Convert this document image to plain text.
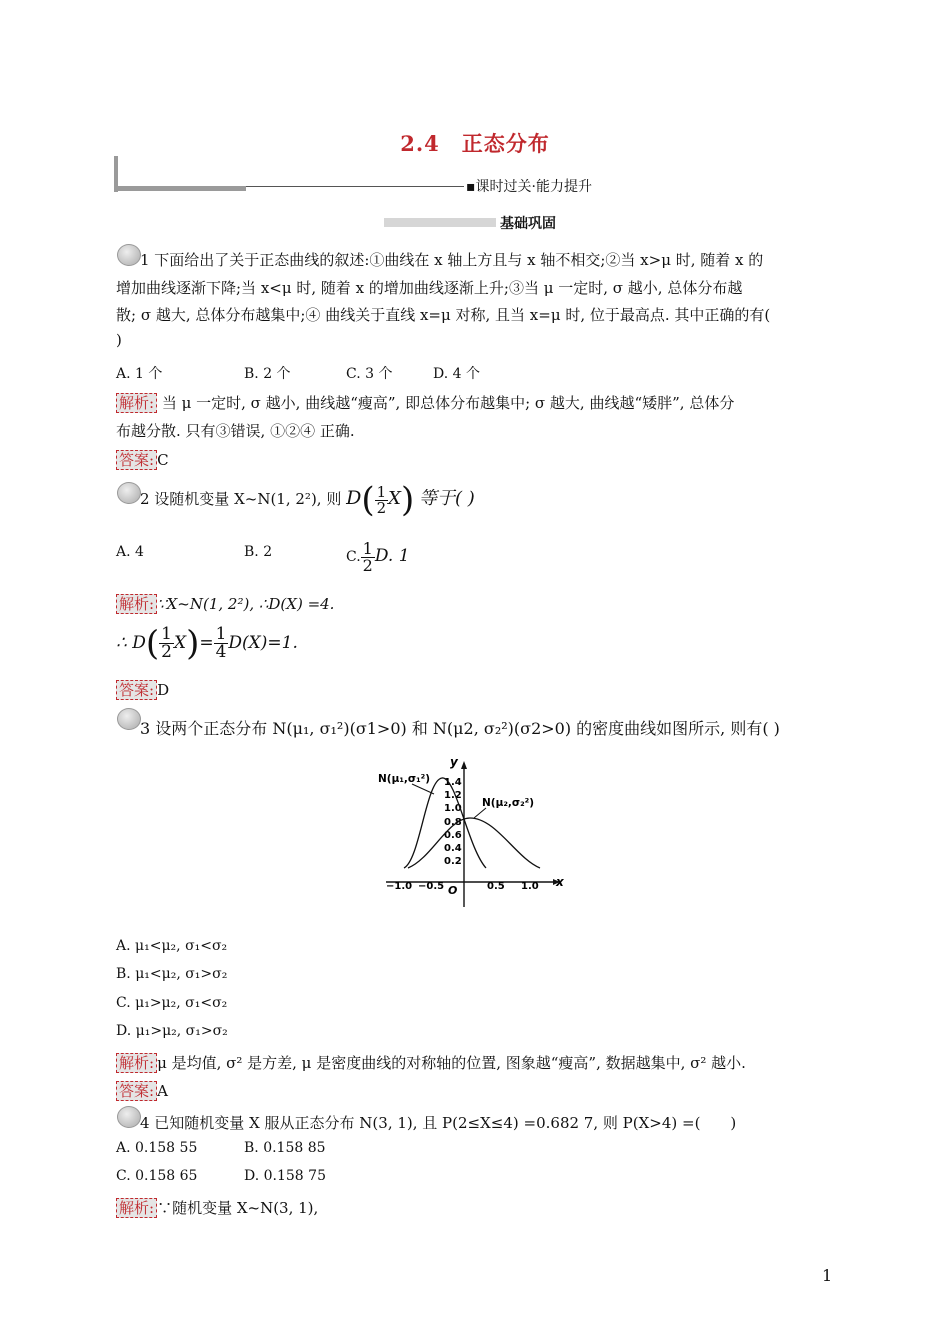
2.4　正态分布
▪课时过关·能力提升
基础巩固
1 下面给出了关于正态曲线的叙述:①曲线在 x 轴上方且与 x 轴不相交;②当 x>μ 时, 随着 x 的
增加曲线逐渐下降;当 x<μ 时, 随着 x 的增加曲线逐渐上升;③当 μ 一定时, σ 越小, 总体分布越
散; σ 越大, 总体分布越集中;④ 曲线关于直线 x=μ 对称, 且当 x=μ 时, 位于最高点. 其中正确的有(
)
A. 1 个	B. 2 个	C. 3 个	D. 4 个
解析: 当 μ 一定时, σ 越小, 曲线越“瘦高”, 即总体分布越集中; σ 越大, 曲线越“矮胖”, 总体分
布越分散. 只有③错误, ①②④ 正确.
答案: C
2 设随机变量 X~N(1, 2²), 则 $D( \frac{1}{2} X)$ 等于( )
A. 4	B. 2	C. $\frac{1}{2} D$. 1
解析: ∵X~N(1, 2²), ∴D(X) =4.
∴ $D( \frac{1}{2} X)= \frac{1}{4} D(X)=1$.
答案: D
3 设两个正态分布 N(μ₁, σ₁²)(σ1>0) 和 N(μ2, σ₂²)(σ2>0) 的密度曲线如图所示, 则有( )
y
x
O
0.2
0.4
0.6
0.8
1.0
1.2
1.4
−1.0 −0.5	0.5 1.0
N(μ₁,σ₁²)
N(μ₂,σ₂²)
A. μ₁<μ₂, σ₁<σ₂
B. μ₁<μ₂, σ₁>σ₂
C. μ₁>μ₂, σ₁<σ₂
D. μ₁>μ₂, σ₁>σ₂
解析: μ 是均值, σ² 是方差, μ 是密度曲线的对称轴的位置, 图象越“瘦高”, 数据越集中, σ² 越小.
答案: A
4 已知随机变量 X 服从正态分布 N(3, 1), 且 P(2≤X≤4) =0.682 7, 则 P(X>4) =(　　)
A. 0.158 55	B. 0.158 85
C. 0.158 65	D. 0.158 75
解析: ∵随机变量 X~N(3, 1),
1
